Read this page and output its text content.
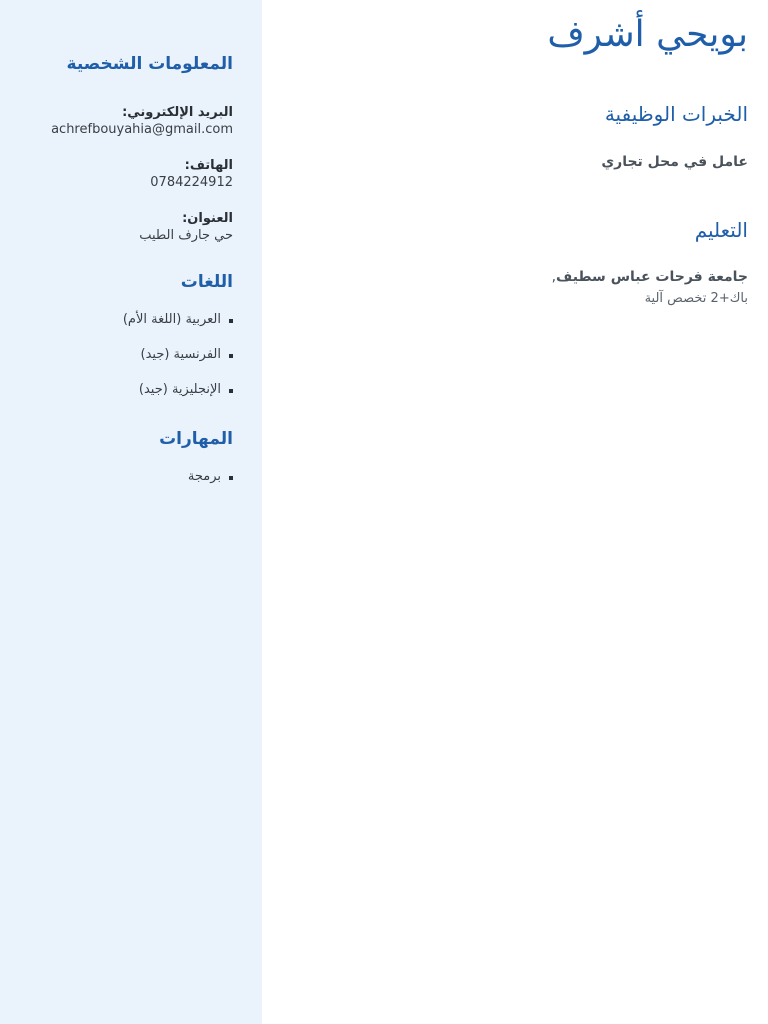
المعلومات الشخصية
البريد الإلكتروني:
achrefbouyahia@gmail.com
الهاتف:
0784224912
العنوان:
حي جارف الطيب
اللغات
العربية (اللغة الأم)
الفرنسية (جيد)
الإنجليزية (جيد)
المهارات
برمجة
بويحي أشرف
الخبرات الوظيفية
عامل في محل تجاري
التعليم
جامعة فرحات عباس سطيف,
باك+2 تخصص آلية
